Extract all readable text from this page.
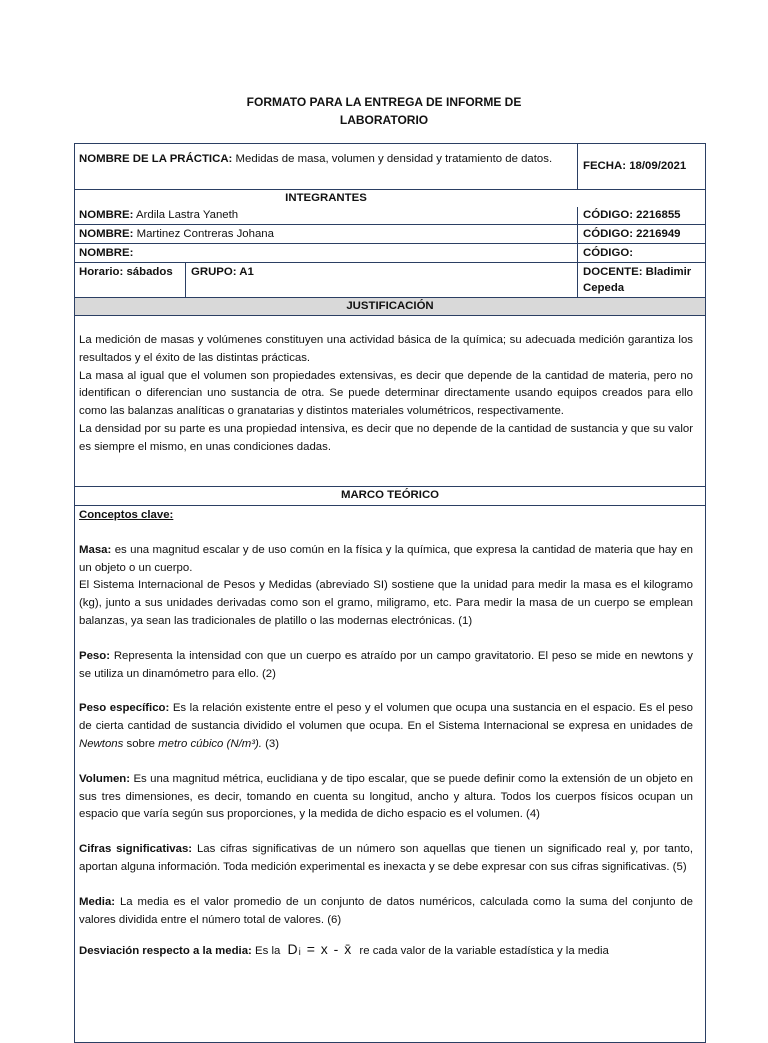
FORMATO PARA LA ENTREGA DE INFORME DE
LABORATORIO
NOMBRE DE LA PRÁCTICA: Medidas de masa, volumen y densidad y tratamiento de datos.
FECHA: 18/09/2021
INTEGRANTES
NOMBRE: Ardila Lastra Yaneth	CÓDIGO: 2216855
NOMBRE: Martinez Contreras Johana	CÓDIGO: 2216949
NOMBRE:	CÓDIGO:
Horario: sábados	GRUPO: A1	DOCENTE: Bladimir Cepeda
JUSTIFICACIÓN

La medición de masas y volúmenes constituyen una actividad básica de la química; su adecuada medición garantiza los resultados y el éxito de las distintas prácticas.

La masa al igual que el volumen son propiedades extensivas, es decir que depende de la cantidad de materia, pero no identifican o diferencian uno sustancia de otra. Se puede determinar directamente usando equipos creados para ello como las balanzas analíticas o granatarias y distintos materiales volumétricos, respectivamente.

La densidad por su parte es una propiedad intensiva, es decir que no depende de la cantidad de sustancia y que su valor es siempre el mismo, en unas condiciones dadas.

MARCO TEÓRICO

Conceptos clave:

Masa: es una magnitud escalar y de uso común en la física y la química, que expresa la cantidad de materia que hay en un objeto o un cuerpo.

El Sistema Internacional de Pesos y Medidas (abreviado SI) sostiene que la unidad para medir la masa es el kilogramo (kg), junto a sus unidades derivadas como son el gramo, miligramo, etc. Para medir la masa de un cuerpo se emplean balanzas, ya sean las tradicionales de platillo o las modernas electrónicas. (1)

Peso: Representa la intensidad con que un cuerpo es atraído por un campo gravitatorio. El peso se mide en newtons y se utiliza un dinamómetro para ello. (2)

Peso específico: Es la relación existente entre el peso y el volumen que ocupa una sustancia en el espacio. Es el peso de cierta cantidad de sustancia dividido el volumen que ocupa. En el Sistema Internacional se expresa en unidades de Newtons sobre metro cúbico (N/m³). (3)

Volumen: Es una magnitud métrica, euclidiana y de tipo escalar, que se puede definir como la extensión de un objeto en sus tres dimensiones, es decir, tomando en cuenta su longitud, ancho y altura. Todos los cuerpos físicos ocupan un espacio que varía según sus proporciones, y la medida de dicho espacio es el volumen. (4)

Cifras significativas: Las cifras significativas de un número son aquellas que tienen un significado real y, por tanto, aportan alguna información. Toda medición experimental es inexacta y se debe expresar con sus cifras significativas. (5)

Media: La media es el valor promedio de un conjunto de datos numéricos, calculada como la suma del conjunto de valores dividida entre el número total de valores. (6)

Desviación respecto a la media: Es la Dᵢ = x - x̄ re cada valor de la variable estadística y la media
